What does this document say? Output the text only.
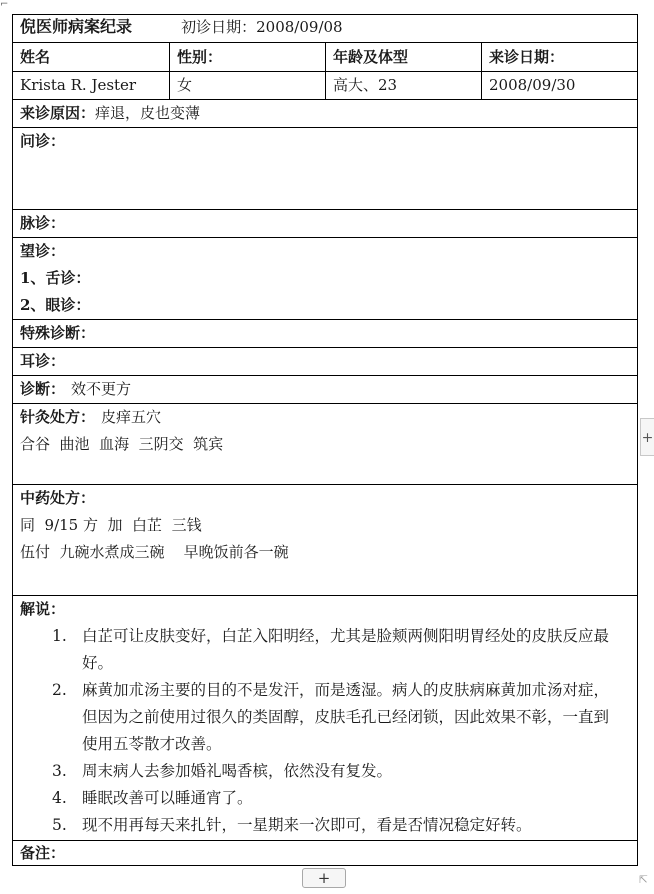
⌐
倪医师病案纪录	初诊日期：2008/09/08
姓名	性别：	年龄及体型	来诊日期：
Krista R. Jester	女	高大、23	2008/09/30
来诊原因：痒退，皮也变薄
问诊：
脉诊：
望诊：
1、舌诊：
2、眼诊：
特殊诊断：
耳诊：
诊断： 效不更方
针灸处方： 皮痒五穴
合谷  曲池  血海  三阴交  筑宾
中药处方：
同  9/15 方  加  白芷  三钱
伍付  九碗水煮成三碗    早晚饭前各一碗
解说：
1. 白芷可让皮肤变好，白芷入阳明经，尤其是脸颊两侧阳明胃经处的皮肤反应最好。
2. 麻黄加朮汤主要的目的不是发汗，而是透湿。病人的皮肤病麻黄加朮汤对症，但因为之前使用过很久的类固醇，皮肤毛孔已经闭锁，因此效果不彰，一直到使用五苓散才改善。
3. 周末病人去参加婚礼喝香槟，依然没有复发。
4. 睡眠改善可以睡通宵了。
5. 现不用再每天来扎针，一星期来一次即可，看是否情况稳定好转。
备注：
+
+	⇱
